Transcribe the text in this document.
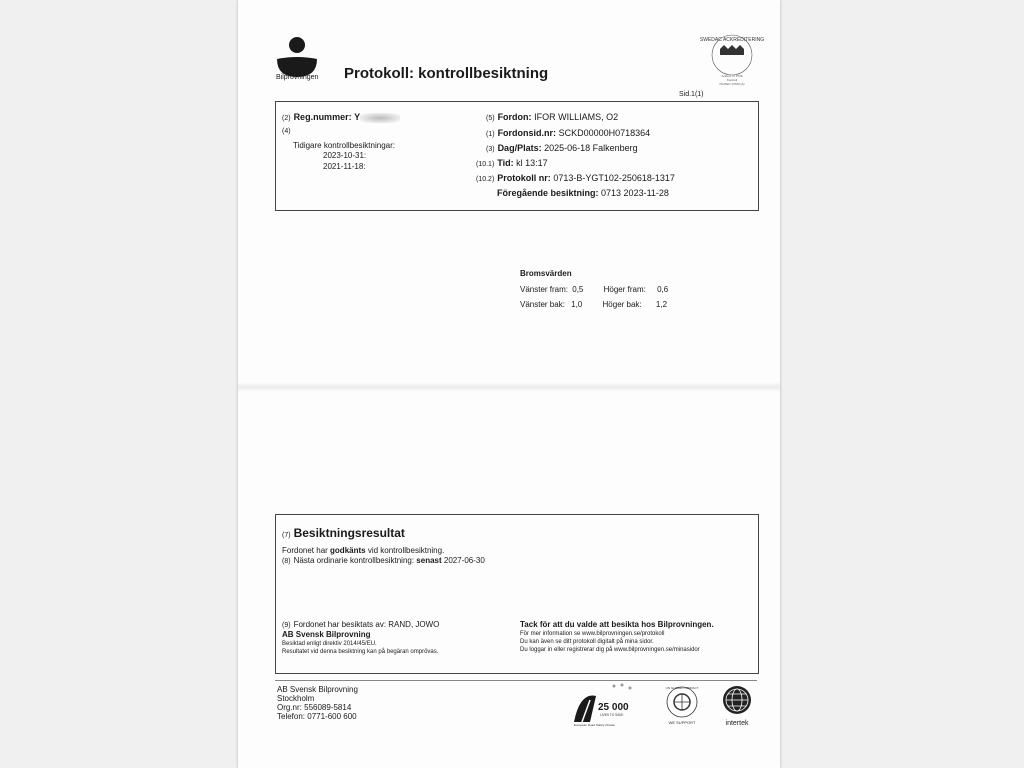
Bilprovningen Protokoll: kontrollbesiktning
SWEDAC ACKREDITERING
Ackred. nr 0726
Kontroll
ISO/IEC 17020 (A)
Sid.1(1)
(2) Reg.nummer: Y
(4)
Tidigare kontrollbesiktningar:
2023-10-31:
2021-11-18:
(5) Fordon: IFOR WILLIAMS, O2
(1) Fordonsid.nr: SCKD00000H0718364
(3) Dag/Plats: 2025-06-18 Falkenberg
(10.1) Tid: kl 13:17
(10.2) Protokoll nr: 0713-B-YGT102-250618-1317
Föregående besiktning: 0713 2023-11-28
Bromsvärden
Vänster fram: 0,5	Höger fram: 0,6
Vänster bak: 1,0	Höger bak: 1,2
(7) Besiktningsresultat
Fordonet har godkänts vid kontrollbesiktning.
(8) Nästa ordinarie kontrollbesiktning: senast 2027-06-30
(9) Fordonet har besiktats av: RAND, JOWO
AB Svensk Bilprovning
Besiktad enligt direktiv 2014/45/EU.
Resultatet vid denna besiktning kan på begäran omprövas.
Tack för att du valde att besikta hos Bilprovningen.
För mer information se www.bilprovningen.se/protokoll
Du kan även se ditt protokoll digitalt på mina sidor.
Du loggar in eller registrerar dig på www.bilprovningen.se/minasidor
AB Svensk Bilprovning
Stockholm
Org.nr: 556089-5814
Telefon: 0771-600 600
25 000
LIVES TO SAVE
European Road Safety Charter
UN GLOBAL COMPACT
WE SUPPORT	intertek
